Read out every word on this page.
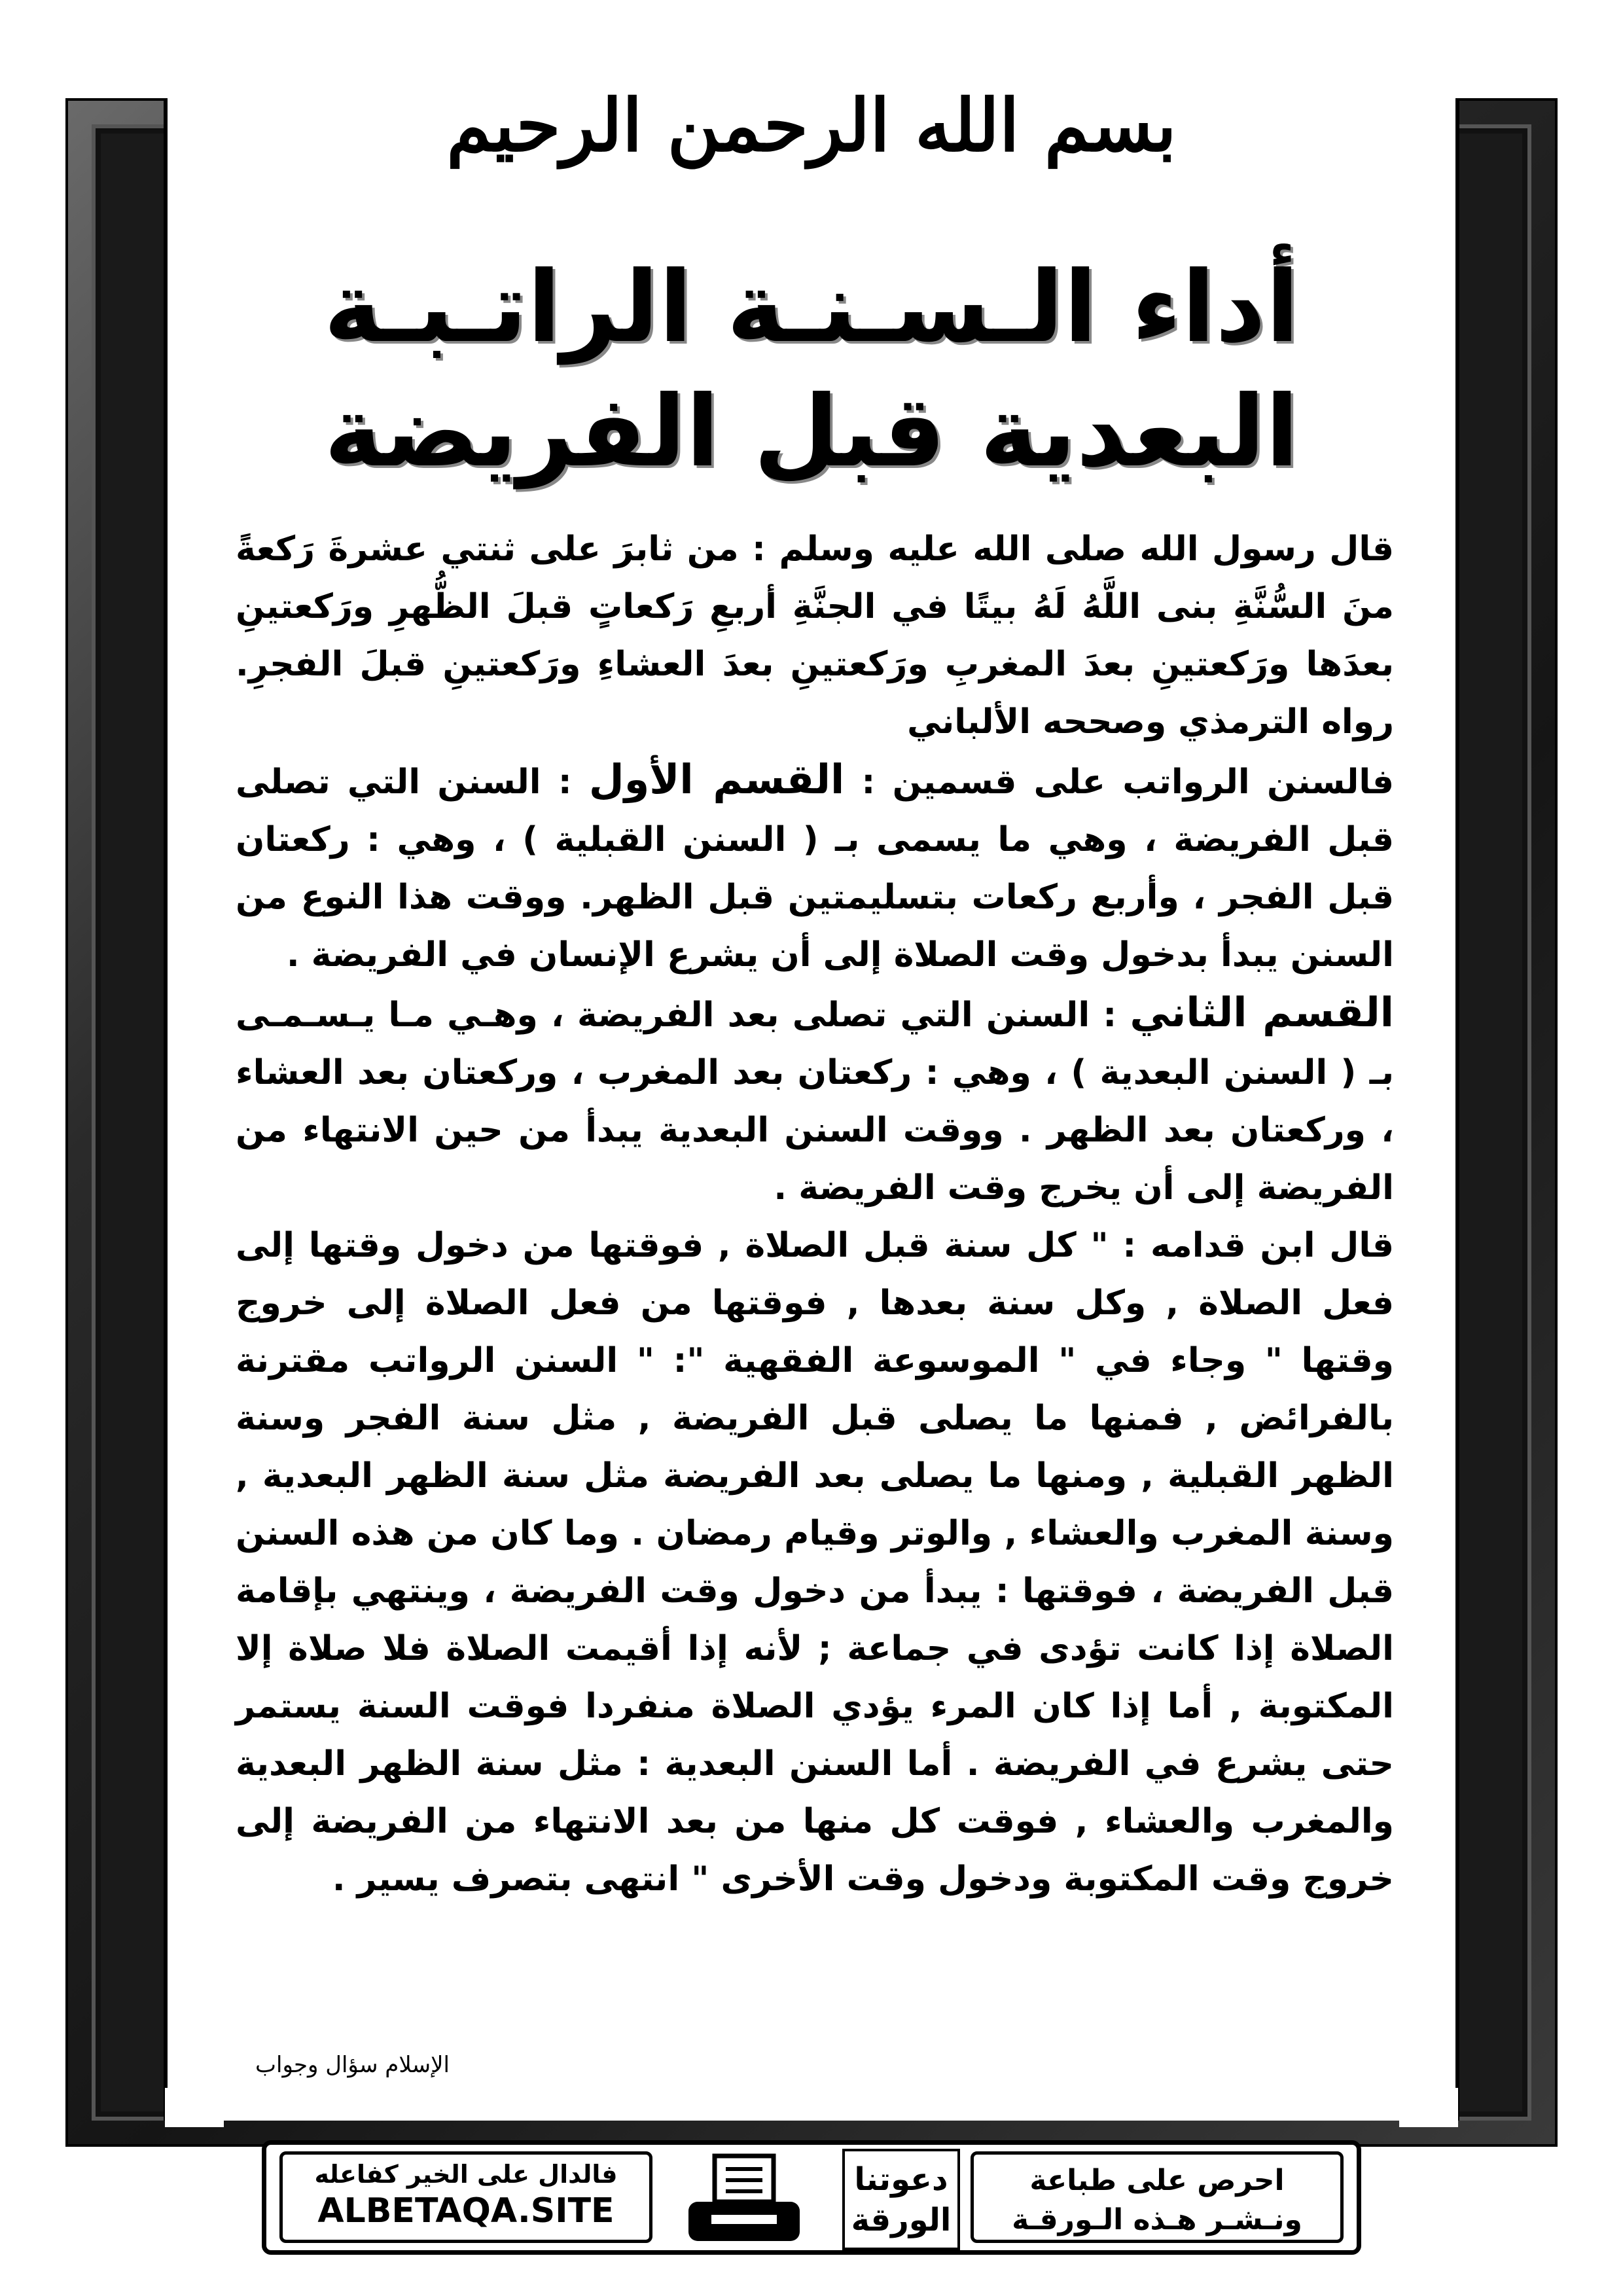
بسم الله الرحمن الرحيم
أداء الـسـنـة الراتـبـة
البعدية قبل الفريضة

قال رسول الله صلى الله عليه وسلم : من ثابرَ على ثنتي عشرةَ رَكعةً منَ السُّنَّةِ بنى اللَّهُ لَهُ بيتًا في الجنَّةِ أربعِ رَكعاتٍ قبلَ الظُّهرِ ورَكعتينِ بعدَها ورَكعتينِ بعدَ المغربِ ورَكعتينِ بعدَ العشاءِ ورَكعتينِ قبلَ الفجرِ. رواه الترمذي وصححه الألباني

فالسنن الرواتب على قسمين : القسم الأول : السنن التي تصلى قبل الفريضة ، وهي ما يسمى بـ ( السنن القبلية ) ، وهي : ركعتان قبل الفجر ، وأربع ركعات بتسليمتين قبل الظهر. ووقت هذا النوع من السنن يبدأ بدخول وقت الصلاة إلى أن يشرع الإنسان في الفريضة .

القسم الثاني : السنن التي تصلى بعد الفريضة ، وهـي مـا يـسـمـى بـ ( السنن البعدية ) ، وهي : ركعتان بعد المغرب ، وركعتان بعد العشاء ، وركعتان بعد الظهر . ووقت السنن البعدية يبدأ من حين الانتهاء من الفريضة إلى أن يخرج وقت الفريضة .

قال ابن قدامه : " كل سنة قبل الصلاة , فوقتها من دخول وقتها إلى فعل الصلاة , وكل سنة بعدها , فوقتها من فعل الصلاة إلى خروج وقتها " وجاء في " الموسوعة الفقهية ": " السنن الرواتب مقترنة بالفرائض , فمنها ما يصلى قبل الفريضة , مثل سنة الفجر وسنة الظهر القبلية , ومنها ما يصلى بعد الفريضة مثل سنة الظهر البعدية , وسنة المغرب والعشاء , والوتر وقيام رمضان . وما كان من هذه السنن قبل الفريضة ، فوقتها : يبدأ من دخول وقت الفريضة ، وينتهي بإقامة الصلاة إذا كانت تؤدى في جماعة ; لأنه إذا أقيمت الصلاة فلا صلاة إلا المكتوبة , أما إذا كان المرء يؤدي الصلاة منفردا فوقت السنة يستمر حتى يشرع في الفريضة . أما السنن البعدية : مثل سنة الظهر البعدية والمغرب والعشاء , فوقت كل منها من بعد الانتهاء من الفريضة إلى خروج وقت المكتوبة ودخول وقت الأخرى " انتهى بتصرف يسير .

الإسلام سؤال وجواب
فالدال على الخير كفاعله
ALBETAQA.SITE
دعوتنا
الورقة
احرص على طباعة
ونـشـر هـذه الـورقـة
